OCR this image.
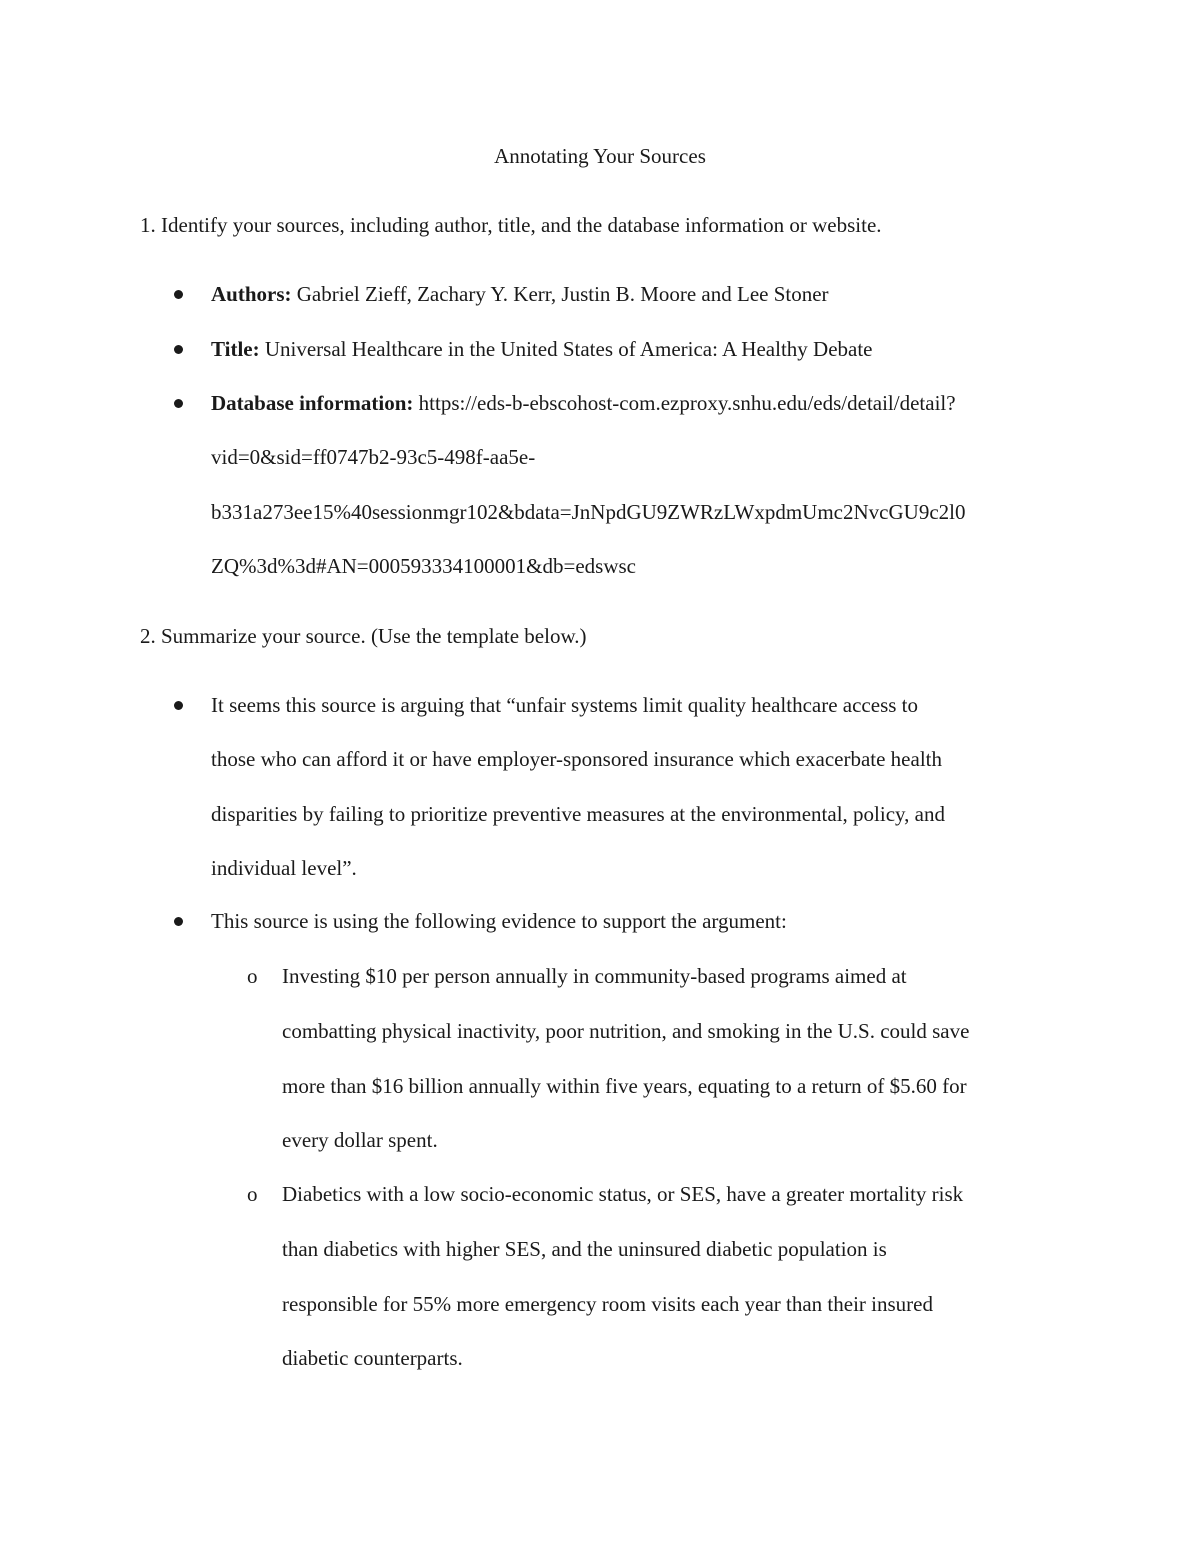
Annotating Your Sources
1. Identify your sources, including author, title, and the database information or website.
Authors: Gabriel Zieff, Zachary Y. Kerr, Justin B. Moore and Lee Stoner
Title: Universal Healthcare in the United States of America: A Healthy Debate
Database information: https://eds-b-ebscohost-com.ezproxy.snhu.edu/eds/detail/detail?
vid=0&sid=ff0747b2-93c5-498f-aa5e-
b331a273ee15%40sessionmgr102&bdata=JnNpdGU9ZWRzLWxpdmUmc2NvcGU9c2l0
ZQ%3d%3d#AN=000593334100001&db=edswsc
2. Summarize your source. (Use the template below.)
It seems this source is arguing that “unfair systems limit quality healthcare access to
those who can afford it or have employer-sponsored insurance which exacerbate health
disparities by failing to prioritize preventive measures at the environmental, policy, and
individual level”.
This source is using the following evidence to support the argument:
o Investing $10 per person annually in community-based programs aimed at
combatting physical inactivity, poor nutrition, and smoking in the U.S. could save
more than $16 billion annually within five years, equating to a return of $5.60 for
every dollar spent.
o Diabetics with a low socio-economic status, or SES, have a greater mortality risk
than diabetics with higher SES, and the uninsured diabetic population is
responsible for 55% more emergency room visits each year than their insured
diabetic counterparts.
